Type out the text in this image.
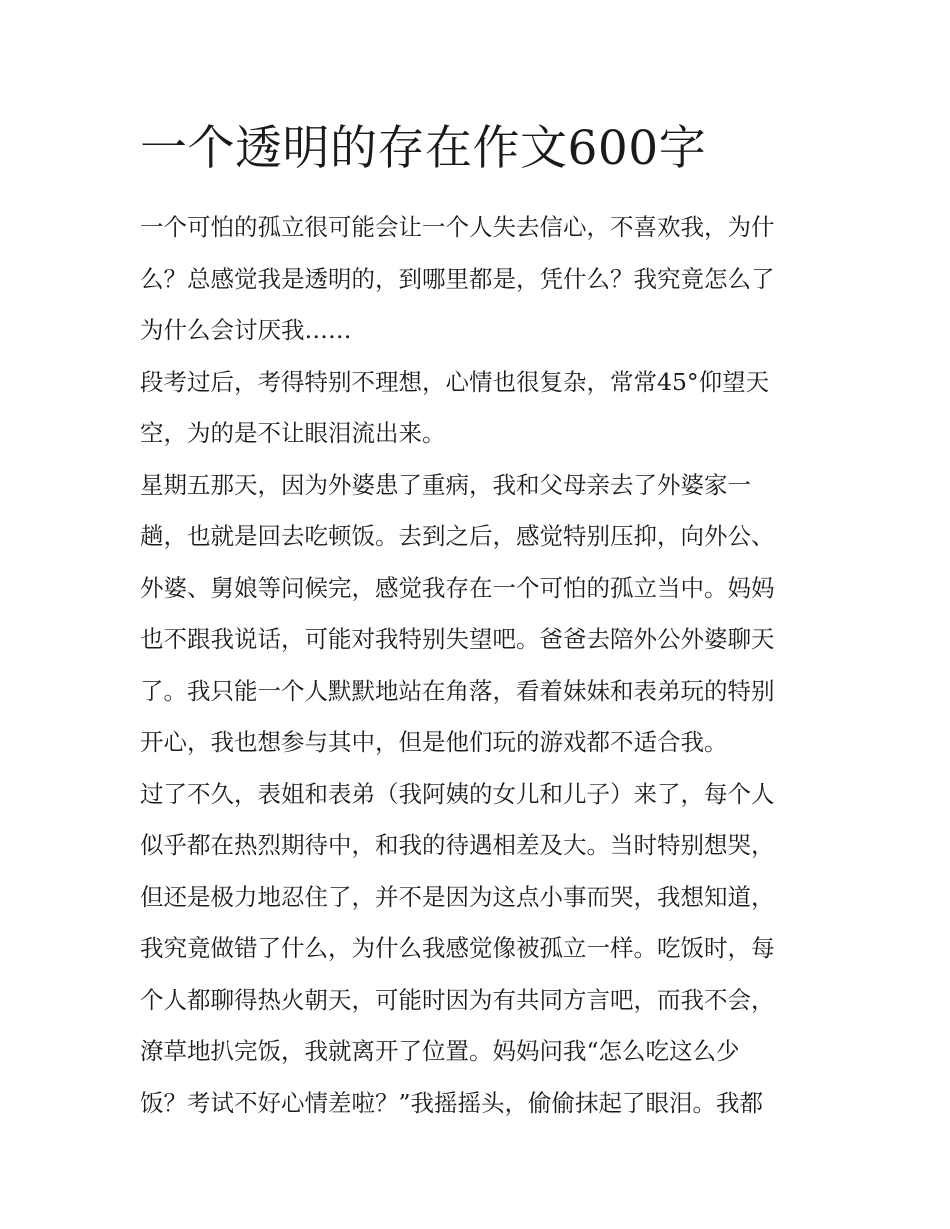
一个透明的存在作文600字

一个可怕的孤立很可能会让一个人失去信心，不喜欢我，为什
么？总感觉我是透明的，到哪里都是，凭什么？我究竟怎么了
为什么会讨厌我……

段考过后，考得特别不理想，心情也很复杂，常常45°仰望天
空，为的是不让眼泪流出来。

星期五那天，因为外婆患了重病，我和父母亲去了外婆家一
趟，也就是回去吃顿饭。去到之后，感觉特别压抑，向外公、
外婆、舅娘等问候完，感觉我存在一个可怕的孤立当中。妈妈
也不跟我说话，可能对我特别失望吧。爸爸去陪外公外婆聊天
了。我只能一个人默默地站在角落，看着妹妹和表弟玩的特别
开心，我也想参与其中，但是他们玩的游戏都不适合我。

过了不久，表姐和表弟（我阿姨的女儿和儿子）来了，每个人
似乎都在热烈期待中，和我的待遇相差及大。当时特别想哭，
但还是极力地忍住了，并不是因为这点小事而哭，我想知道，
我究竟做错了什么，为什么我感觉像被孤立一样。吃饭时，每
个人都聊得热火朝天，可能时因为有共同方言吧，而我不会，
潦草地扒完饭，我就离开了位置。妈妈问我“怎么吃这么少
饭？考试不好心情差啦？”我摇摇头，偷偷抹起了眼泪。我都
